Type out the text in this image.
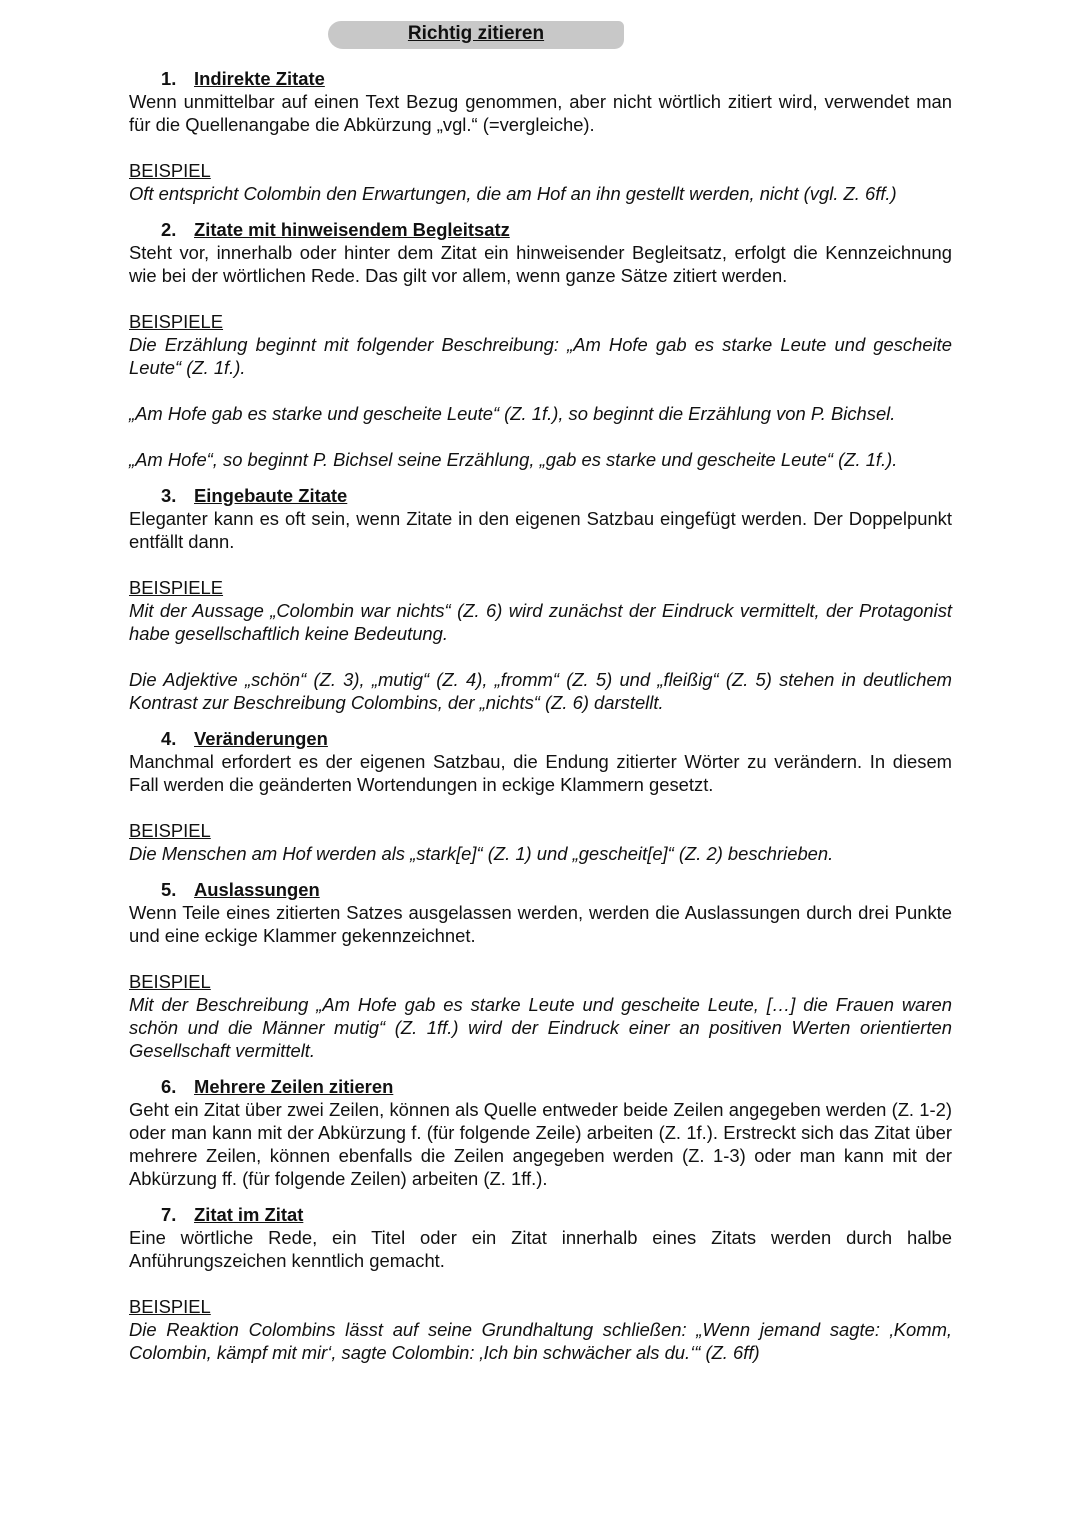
Richtig zitieren

1. Indirekte Zitate

Wenn unmittelbar auf einen Text Bezug genommen, aber nicht wörtlich zitiert wird, verwendet man für die Quellenangabe die Abkürzung „vgl.“ (=vergleiche).

BEISPIEL

Oft entspricht Colombin den Erwartungen, die am Hof an ihn gestellt werden, nicht (vgl. Z. 6ff.)

2. Zitate mit hinweisendem Begleitsatz

Steht vor, innerhalb oder hinter dem Zitat ein hinweisender Begleitsatz, erfolgt die Kennzeichnung wie bei der wörtlichen Rede. Das gilt vor allem, wenn ganze Sätze zitiert werden.

BEISPIELE

Die Erzählung beginnt mit folgender Beschreibung: „Am Hofe gab es starke Leute und gescheite Leute“ (Z. 1f.).

„Am Hofe gab es starke und gescheite Leute“ (Z. 1f.), so beginnt die Erzählung von P. Bichsel.

„Am Hofe“, so beginnt P. Bichsel seine Erzählung, „gab es starke und gescheite Leute“ (Z. 1f.).

3. Eingebaute Zitate

Eleganter kann es oft sein, wenn Zitate in den eigenen Satzbau eingefügt werden. Der Doppelpunkt entfällt dann.

BEISPIELE

Mit der Aussage „Colombin war nichts“ (Z. 6) wird zunächst der Eindruck vermittelt, der Protagonist habe gesellschaftlich keine Bedeutung.

Die Adjektive „schön“ (Z. 3), „mutig“ (Z. 4), „fromm“ (Z. 5) und „fleißig“ (Z. 5) stehen in deutlichem Kontrast zur Beschreibung Colombins, der „nichts“ (Z. 6) darstellt.

4. Veränderungen

Manchmal erfordert es der eigenen Satzbau, die Endung zitierter Wörter zu verändern. In diesem Fall werden die geänderten Wortendungen in eckige Klammern gesetzt.

BEISPIEL

Die Menschen am Hof werden als „stark[e]“ (Z. 1) und „gescheit[e]“ (Z. 2) beschrieben.

5. Auslassungen

Wenn Teile eines zitierten Satzes ausgelassen werden, werden die Auslassungen durch drei Punkte und eine eckige Klammer gekennzeichnet.

BEISPIEL

Mit der Beschreibung „Am Hofe gab es starke Leute und gescheite Leute, […] die Frauen waren schön und die Männer mutig“ (Z. 1ff.) wird der Eindruck einer an positiven Werten orientierten Gesellschaft vermittelt.

6. Mehrere Zeilen zitieren

Geht ein Zitat über zwei Zeilen, können als Quelle entweder beide Zeilen angegeben werden (Z. 1-2) oder man kann mit der Abkürzung f. (für folgende Zeile) arbeiten (Z. 1f.). Erstreckt sich das Zitat über mehrere Zeilen, können ebenfalls die Zeilen angegeben werden (Z. 1-3) oder man kann mit der Abkürzung ff. (für folgende Zeilen) arbeiten (Z. 1ff.).

7. Zitat im Zitat

Eine wörtliche Rede, ein Titel oder ein Zitat innerhalb eines Zitats werden durch halbe Anführungszeichen kenntlich gemacht.

BEISPIEL

Die Reaktion Colombins lässt auf seine Grundhaltung schließen: „Wenn jemand sagte: ‚Komm, Colombin, kämpf mit mir‘, sagte Colombin: ‚Ich bin schwächer als du.‘“ (Z. 6ff)
